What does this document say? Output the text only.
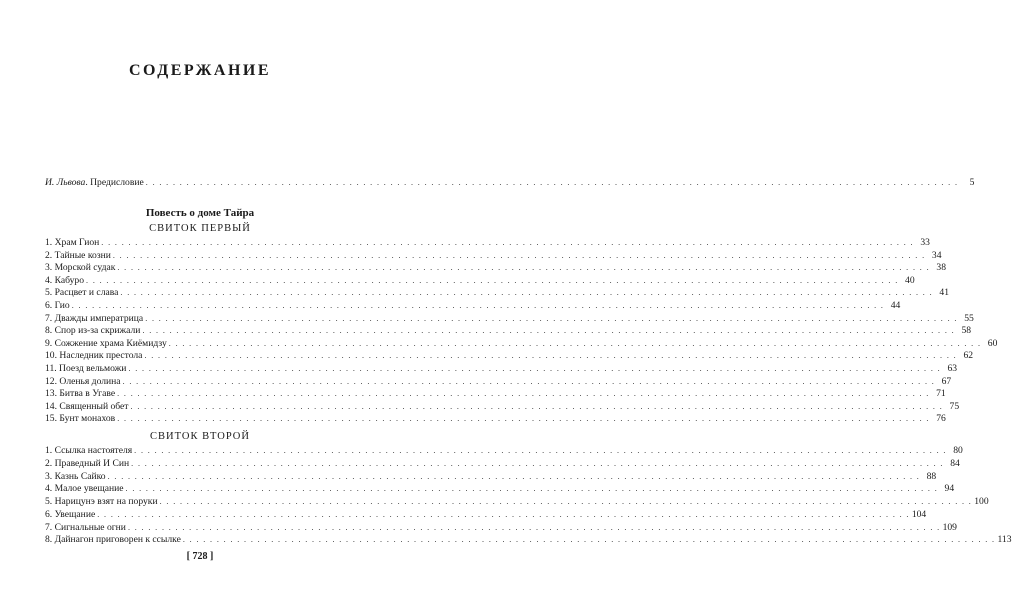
СОДЕРЖАНИЕ
И. Львова. Предисловие . . . . . . . . . . . . . . . . . . . . . . . . . . . . . . . . . . . . . . . . . . . . . . . . . . . . . . . . . . . . . . . . . . . . . . . . . . . . . . . . . . . . . . . . . . . . . . . . . . . . . . . . . . . . . . . . . . . . . . . .	5
Повесть о доме Тайра
СВИТОК ПЕРВЫЙ
1. Храм Гион . . . . . . . . . . . . . . . . . . . . . . . . . . . . . . . . . . . . . . . . . . . . . . . . . . . . . . . . . . . . . . . . . . . . . . . . . . . . . . . . . . . . . . . . . . . . . . . . . . . . . . . . . . . . . . . . . . . . . . . . 33
2. Тайные козни . . . . . . . . . . . . . . . . . . . . . . . . . . . . . . . . . . . . . . . . . . . . . . . . . . . . . . . . . . . . . . . . . . . . . . . . . . . . . . . . . . . . . . . . . . . . . . . . . . . . . . . . . . . . . . . . . . . . . . . . 34
3. Морской судак . . . . . . . . . . . . . . . . . . . . . . . . . . . . . . . . . . . . . . . . . . . . . . . . . . . . . . . . . . . . . . . . . . . . . . . . . . . . . . . . . . . . . . . . . . . . . . . . . . . . . . . . . . . . . . . . . . . . . . . . 38
4. Кабуро . . . . . . . . . . . . . . . . . . . . . . . . . . . . . . . . . . . . . . . . . . . . . . . . . . . . . . . . . . . . . . . . . . . . . . . . . . . . . . . . . . . . . . . . . . . . . . . . . . . . . . . . . . . . . . . . . . . . . . . . 40
5. Расцвет и слава . . . . . . . . . . . . . . . . . . . . . . . . . . . . . . . . . . . . . . . . . . . . . . . . . . . . . . . . . . . . . . . . . . . . . . . . . . . . . . . . . . . . . . . . . . . . . . . . . . . . . . . . . . . . . . . . . . . . . . . . 41
6. Гио . . . . . . . . . . . . . . . . . . . . . . . . . . . . . . . . . . . . . . . . . . . . . . . . . . . . . . . . . . . . . . . . . . . . . . . . . . . . . . . . . . . . . . . . . . . . . . . . . . . . . . . . . . . . . . . . . . . . . . . . 44
7. Дважды императрица . . . . . . . . . . . . . . . . . . . . . . . . . . . . . . . . . . . . . . . . . . . . . . . . . . . . . . . . . . . . . . . . . . . . . . . . . . . . . . . . . . . . . . . . . . . . . . . . . . . . . . . . . . . . . . . . . . . . . . . . 55
8. Спор из-за скрижали . . . . . . . . . . . . . . . . . . . . . . . . . . . . . . . . . . . . . . . . . . . . . . . . . . . . . . . . . . . . . . . . . . . . . . . . . . . . . . . . . . . . . . . . . . . . . . . . . . . . . . . . . . . . . . . . . . . . . . . . 58
9. Сожжение храма Киёмидзу . . . . . . . . . . . . . . . . . . . . . . . . . . . . . . . . . . . . . . . . . . . . . . . . . . . . . . . . . . . . . . . . . . . . . . . . . . . . . . . . . . . . . . . . . . . . . . . . . . . . . . . . . . . . . . . . . . . . . . . . 60
10. Наследник престола . . . . . . . . . . . . . . . . . . . . . . . . . . . . . . . . . . . . . . . . . . . . . . . . . . . . . . . . . . . . . . . . . . . . . . . . . . . . . . . . . . . . . . . . . . . . . . . . . . . . . . . . . . . . . . . . . . . . . . . . 62
11. Поезд вельможи . . . . . . . . . . . . . . . . . . . . . . . . . . . . . . . . . . . . . . . . . . . . . . . . . . . . . . . . . . . . . . . . . . . . . . . . . . . . . . . . . . . . . . . . . . . . . . . . . . . . . . . . . . . . . . . . . . . . . . . . 63
12. Оленья долина . . . . . . . . . . . . . . . . . . . . . . . . . . . . . . . . . . . . . . . . . . . . . . . . . . . . . . . . . . . . . . . . . . . . . . . . . . . . . . . . . . . . . . . . . . . . . . . . . . . . . . . . . . . . . . . . . . . . . . . . 67
13. Битва в Угаве . . . . . . . . . . . . . . . . . . . . . . . . . . . . . . . . . . . . . . . . . . . . . . . . . . . . . . . . . . . . . . . . . . . . . . . . . . . . . . . . . . . . . . . . . . . . . . . . . . . . . . . . . . . . . . . . . . . . . . . . 71
14. Священный обет . . . . . . . . . . . . . . . . . . . . . . . . . . . . . . . . . . . . . . . . . . . . . . . . . . . . . . . . . . . . . . . . . . . . . . . . . . . . . . . . . . . . . . . . . . . . . . . . . . . . . . . . . . . . . . . . . . . . . . . . 75
15. Бунт монахов . . . . . . . . . . . . . . . . . . . . . . . . . . . . . . . . . . . . . . . . . . . . . . . . . . . . . . . . . . . . . . . . . . . . . . . . . . . . . . . . . . . . . . . . . . . . . . . . . . . . . . . . . . . . . . . . . . . . . . . . 76
СВИТОК ВТОРОЙ
1. Ссылка настоятеля . . . . . . . . . . . . . . . . . . . . . . . . . . . . . . . . . . . . . . . . . . . . . . . . . . . . . . . . . . . . . . . . . . . . . . . . . . . . . . . . . . . . . . . . . . . . . . . . . . . . . . . . . . . . . . . . . . . . . . . . 80
2. Праведный И Син . . . . . . . . . . . . . . . . . . . . . . . . . . . . . . . . . . . . . . . . . . . . . . . . . . . . . . . . . . . . . . . . . . . . . . . . . . . . . . . . . . . . . . . . . . . . . . . . . . . . . . . . . . . . . . . . . . . . . . . . 84
3. Казнь Сайко . . . . . . . . . . . . . . . . . . . . . . . . . . . . . . . . . . . . . . . . . . . . . . . . . . . . . . . . . . . . . . . . . . . . . . . . . . . . . . . . . . . . . . . . . . . . . . . . . . . . . . . . . . . . . . . . . . . . . . . . 88
4. Малое увещание . . . . . . . . . . . . . . . . . . . . . . . . . . . . . . . . . . . . . . . . . . . . . . . . . . . . . . . . . . . . . . . . . . . . . . . . . . . . . . . . . . . . . . . . . . . . . . . . . . . . . . . . . . . . . . . . . . . . . . . . 94
5. Нарицунэ взят на поруки . . . . . . . . . . . . . . . . . . . . . . . . . . . . . . . . . . . . . . . . . . . . . . . . . . . . . . . . . . . . . . . . . . . . . . . . . . . . . . . . . . . . . . . . . . . . . . . . . . . . . . . . . . . . . . . . . . . . . . . . 100
6. Увещание . . . . . . . . . . . . . . . . . . . . . . . . . . . . . . . . . . . . . . . . . . . . . . . . . . . . . . . . . . . . . . . . . . . . . . . . . . . . . . . . . . . . . . . . . . . . . . . . . . . . . . . . . . . . . . . . . . . . . . . . 104
7. Сигнальные огни . . . . . . . . . . . . . . . . . . . . . . . . . . . . . . . . . . . . . . . . . . . . . . . . . . . . . . . . . . . . . . . . . . . . . . . . . . . . . . . . . . . . . . . . . . . . . . . . . . . . . . . . . . . . . . . . . . . . . . . . 109
8. Дайнагон приговорен к ссылке . . . . . . . . . . . . . . . . . . . . . . . . . . . . . . . . . . . . . . . . . . . . . . . . . . . . . . . . . . . . . . . . . . . . . . . . . . . . . . . . . . . . . . . . . . . . . . . . . . . . . . . . . . . . . . . . . . . . . . . . 113
[ 728 ]
